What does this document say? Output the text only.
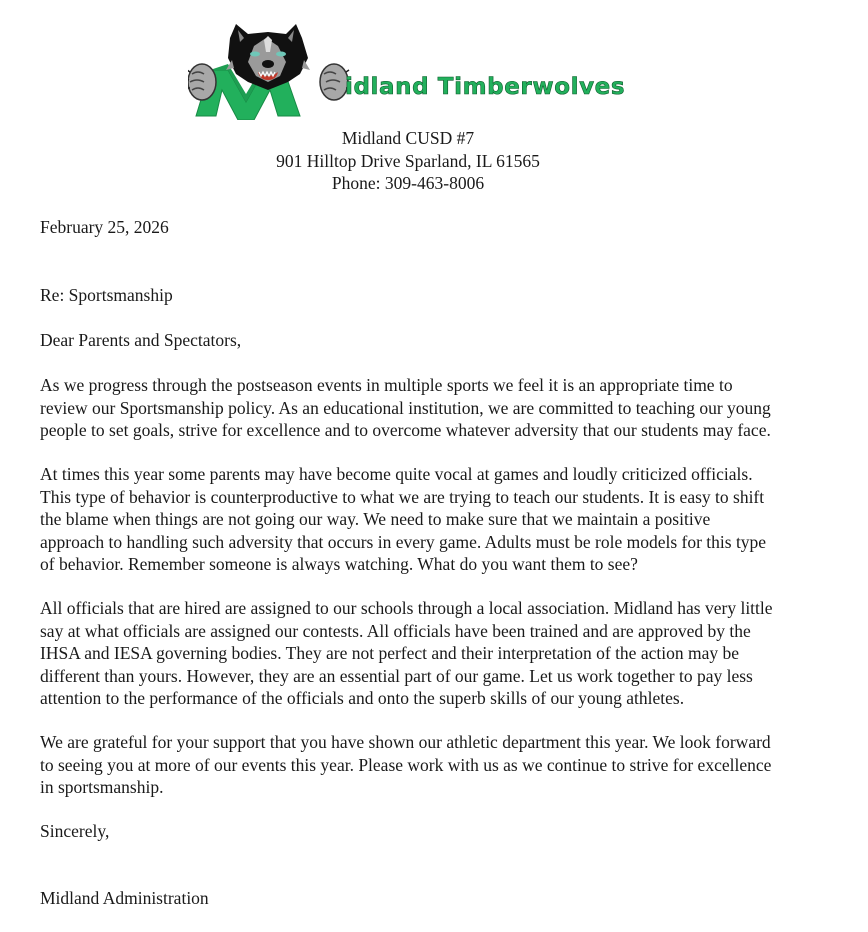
idland Timberwolves
Midland CUSD #7
901 Hilltop Drive Sparland, IL 61565
Phone: 309-463-8006
February 25, 2026
Re: Sportsmanship
Dear Parents and Spectators,
As we progress through the postseason events in multiple sports we feel it is an appropriate time to
review our Sportsmanship policy. As an educational institution, we are committed to teaching our young
people to set goals, strive for excellence and to overcome whatever adversity that our students may face.
At times this year some parents may have become quite vocal at games and loudly criticized officials.
This type of behavior is counterproductive to what we are trying to teach our students. It is easy to shift
the blame when things are not going our way. We need to make sure that we maintain a positive
approach to handling such adversity that occurs in every game. Adults must be role models for this type
of behavior. Remember someone is always watching. What do you want them to see?
All officials that are hired are assigned to our schools through a local association. Midland has very little
say at what officials are assigned our contests. All officials have been trained and are approved by the
IHSA and IESA governing bodies. They are not perfect and their interpretation of the action may be
different than yours. However, they are an essential part of our game. Let us work together to pay less
attention to the performance of the officials and onto the superb skills of our young athletes.
We are grateful for your support that you have shown our athletic department this year. We look forward
to seeing you at more of our events this year. Please work with us as we continue to strive for excellence
in sportsmanship.
Sincerely,
Midland Administration
